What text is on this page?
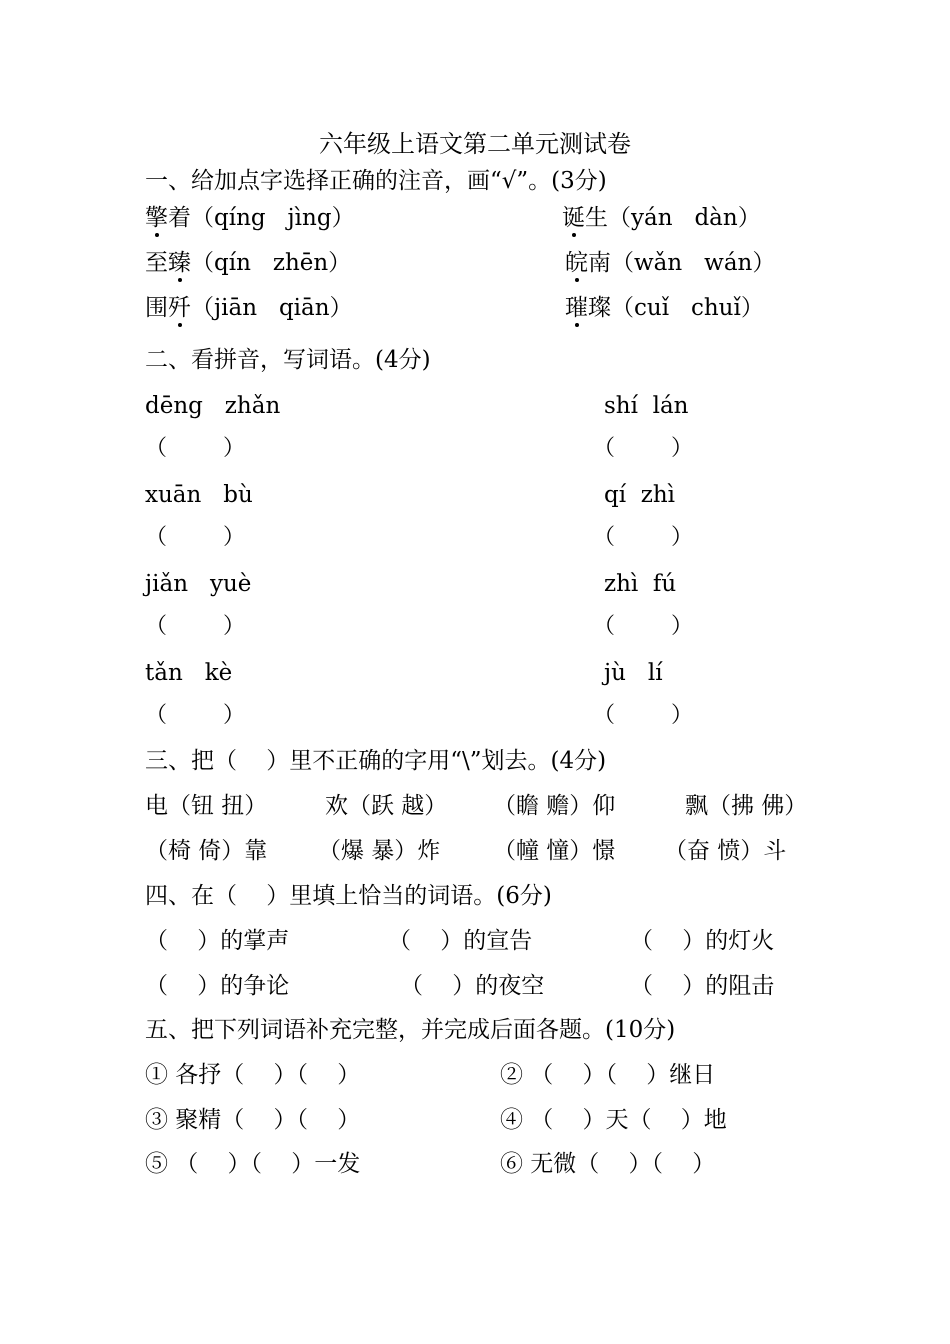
六年级上语文第二单元测试卷
一、给加点字选择正确的注音，画“√”。(3分)
擎着（qíng   jìng）	诞生（yán   dàn）
至臻（qín   zhēn）	皖南（wǎn   wán）
围歼（jiān   qiān）	璀璨（cuǐ   chuǐ）
二、看拼音，写词语。(4分)
dēng   zhǎn	shí  lán
（        ）	（        ）
xuān   bù	qí  zhì
（        ）	（        ）
jiǎn   yuè	zhì  fú
（        ）	（        ）
tǎn   kè	jù   lí
（        ）	（        ）
三、把（    ）里不正确的字用“\”划去。(4分)
电（钮 扭）	欢（跃 越） （瞻 赡）仰	飘（拂 佛）
（椅 倚）靠 （爆 暴）炸 （幢 憧）憬 （奋 愤）斗
四、在（    ）里填上恰当的词语。(6分)
（    ）的掌声	（    ）的宣告	（    ）的灯火
（    ）的争论	（    ）的夜空	（    ）的阻击
五、把下列词语补充完整，并完成后面各题。(10分)
① 各抒（    ）（    ）	② （    ）（    ）继日
③ 聚精（    ）（    ）	④ （    ）天（    ）地
⑤ （    ）（    ）一发	⑥ 无微（    ）（    ）
